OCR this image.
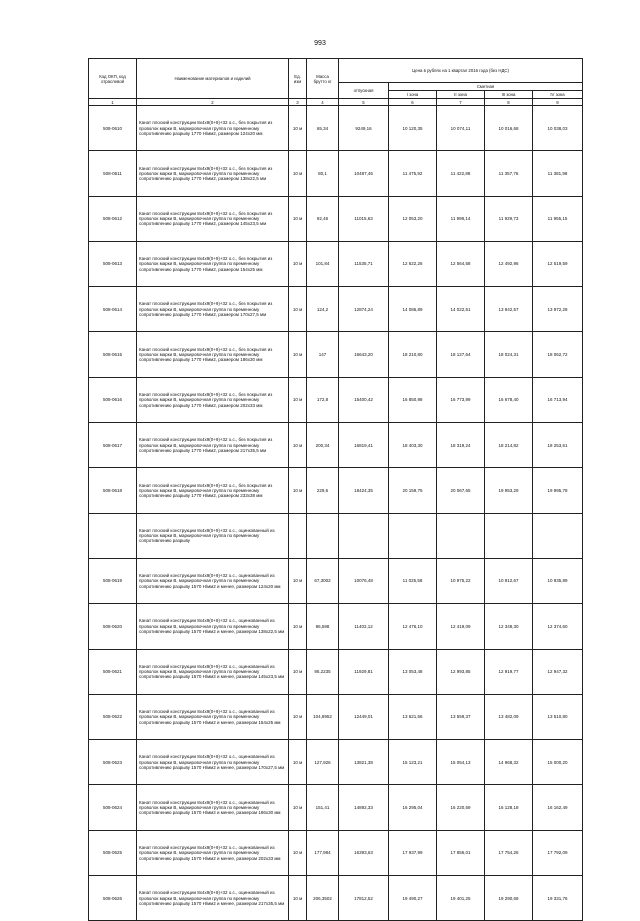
993
Код ОКП, код отраслевой	Наименование материалов и изделий	Ед. изм	Масса брутто кг	Цена в рублях на 1 квартал 2016 года (без НДС)				
				отпускная	Сметная			
					I зона	II зона	III зона	IV зона
1	2	3	4	5	6	7	8	9
508-0610	Канат плоский конструкции 8х4х9(0+9)+32 о.с., без покрытия из проволок марки В, маркировочная группа по временному сопротивлению разрыву 1770 Н/мм2, размером 124х20 мм	10 м	65,34	9249,16	10 120,35	10 074,11	10 016,68	10 038,03
508-0611	Канат плоский конструкции 8х4х9(0+9)+32 о.с., без покрытия из проволок марки В, маркировочная группа по временному сопротивлению разрыву 1770 Н/мм2, размером 138х22,5 мм	10 м	80,1	10487,46	11 475,92	11 422,88	11 357,76	11 381,98
508-0612	Канат плоский конструкции 8х4х9(0+9)+32 о.с., без покрытия из проволок марки В, маркировочная группа по временному сопротивлению разрыву 1770 Н/мм2, размером 145х23,5 мм	10 м	92,46	11015,63	12 053,20	11 998,14	11 929,73	11 955,15
508-0613	Канат плоский конструкции 8х4х9(0+9)+32 о.с., без покрытия из проволок марки В, маркировочная группа по временному сопротивлению разрыву 1770 Н/мм2, размером 154х25 мм	10 м	101,84	11535,71	12 622,26	12 564,58	12 492,96	12 519,59
508-0614	Канат плоский конструкции 8х4х9(0+9)+32 о.с., без покрытия из проволок марки В, маркировочная группа по временному сопротивлению разрыву 1770 Н/мм2, размером 170х27,5 мм	10 м	124,2	12874,24	14 086,89	14 022,51	13 942,57	13 972,28
508-0615	Канат плоский конструкции 8х4х9(0+9)+32 о.с., без покрытия из проволок марки В, маркировочная группа по временному сопротивлению разрыву 1770 Н/мм2, размером 186х30 мм	10 м	147	16643,20	18 210,80	18 127,64	18 024,31	18 062,72
508-0616	Канат плоский конструкции 8х4х9(0+9)+32 о.с., без покрытия из проволок марки В, маркировочная группа по временному сопротивлению разрыву 1770 Н/мм2, размером 202х33 мм	10 м	172,8	15400,42	16 850,98	16 773,99	16 678,40	16 713,94
508-0617	Канат плоский конструкции 8х4х9(0+9)+32 о.с., без покрытия из проволок марки В, маркировочная группа по временному сопротивлению разрыву 1770 Н/мм2, размером 217х35,5 мм	10 м	200,34	16819,41	18 403,30	18 319,24	18 214,82	18 253,61
508-0618	Канат плоский конструкции 8х4х9(0+9)+32 о.с., без покрытия из проволок марки В, маркировочная группа по временному сопротивлению разрыву 1770 Н/мм2, размером 233х38 мм	10 м	229,6	18424,35	20 159,75	20 067,65	19 953,29	19 995,78
	Канат плоский конструкции 8х4х9(0+9)+32 о.с., оцинкованный из проволок марки В, маркировочная группа по временному сопротивлению разрыву							
508-0619	Канат плоский конструкции 8х4х9(0+9)+32 о.с., оцинкованный из проволок марки В, маркировочная группа по временному сопротивлению разрыву 1570 Н/мм2 и менее, размером 124х20 мм	10 м	67,3002	10076,48	11 025,58	10 975,22	10 912,67	10 935,89
508-0620	Канат плоский конструкции 8х4х9(0+9)+32 о.с., оцинкованный из проволок марки В, маркировочная группа по временному сопротивлению разрыву 1570 Н/мм2 и менее, размером 138х22,5 мм	10 м	86,598	11402,12	12 476,10	12 419,09	12 348,30	12 374,60
508-0621	Канат плоский конструкции 8х4х9(0+9)+32 о.с., оцинкованный из проволок марки В, маркировочная группа по временному сопротивлению разрыву 1570 Н/мм2 и менее, размером 145х23,5 мм	10 м	95,2235	11929,81	13 053,48	12 993,85	12 919,77	12 947,32
508-0622	Канат плоский конструкции 8х4х9(0+9)+32 о.с., оцинкованный из проволок марки В, маркировочная группа по временному сопротивлению разрыву 1570 Н/мм2 и менее, размером 154х25 мм	10 м	104,8952	12449,01	13 621,56	13 559,37	13 482,09	13 510,80
508-0623	Канат плоский конструкции 8х4х9(0+9)+32 о.с., оцинкованный из проволок марки В, маркировочная группа по временному сопротивлению разрыву 1570 Н/мм2 и менее, размером 170х27,5 мм	10 м	127,926	13821,38	15 123,21	15 054,13	14 968,32	15 000,20
508-0624	Канат плоский конструкции 8х4х9(0+9)+32 о.с., оцинкованный из проволок марки В, маркировочная группа по временному сопротивлению разрыву 1570 Н/мм2 и менее, размером 186х30 мм	10 м	151,41	14892,33	16 295,04	16 220,59	16 128,18	16 162,49
508-0625	Канат плоский конструкции 8х4х9(0+9)+32 о.с., оцинкованный из проволок марки В, маркировочная группа по временному сопротивлению разрыву 1570 Н/мм2 и менее, размером 202х33 мм	10 м	177,984	16393,63	17 937,99	17 856,01	17 754,26	17 792,09
508-0626	Канат плоский конструкции 8х4х9(0+9)+32 о.с., оцинкованный из проволок марки В, маркировочная группа по временному сопротивлению разрыву 1570 Н/мм2 и менее, размером 217х35,5 мм	10 м	206,3502	17812,52	19 490,27	19 401,25	19 290,68	19 331,76
